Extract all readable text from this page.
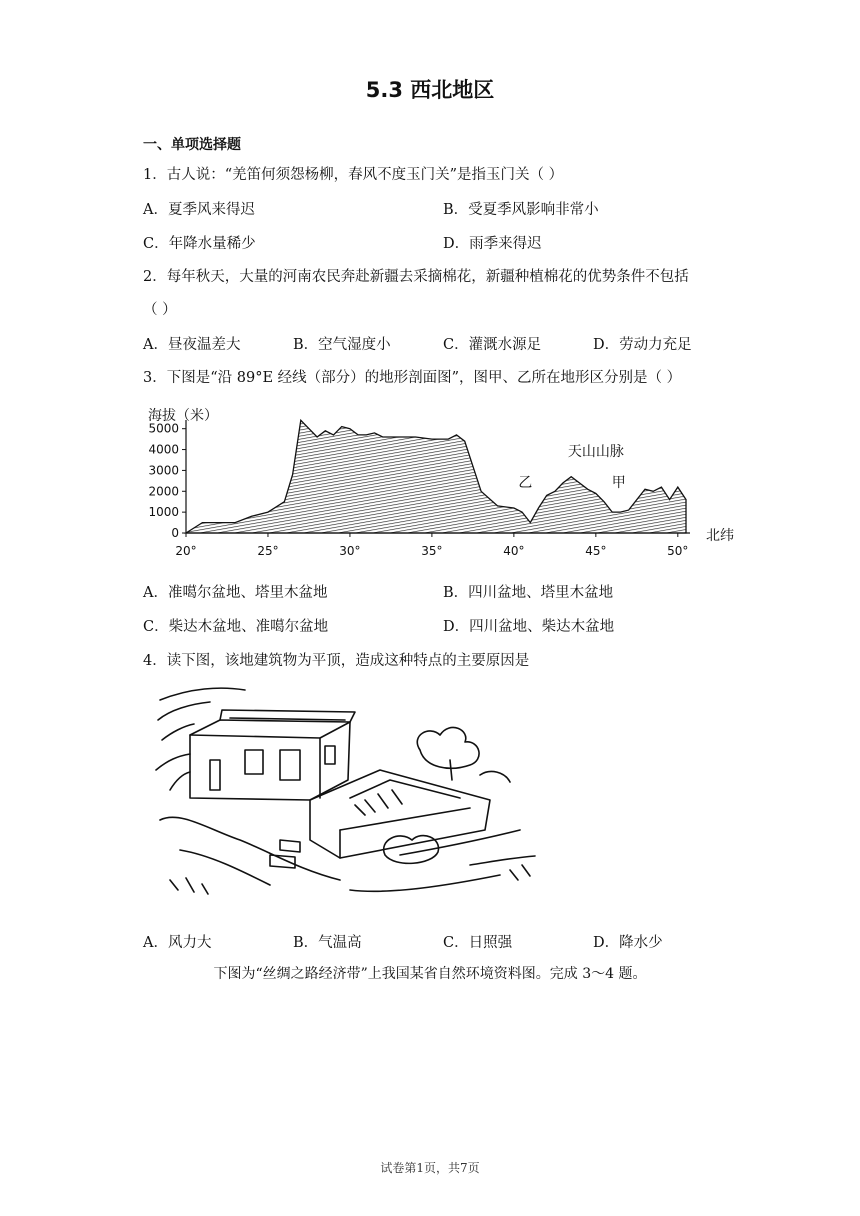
5.3 西北地区
一、单项选择题
1．古人说：“羌笛何须怨杨柳，春风不度玉门关”是指玉门关（ ）
A．夏季风来得迟	B．受夏季风影响非常小
C．年降水量稀少	D．雨季来得迟
2．每年秋天，大量的河南农民奔赴新疆去采摘棉花，新疆种植棉花的优势条件不包括
（ ）
A．昼夜温差大	B．空气湿度小	C．灌溉水源足	D．劳动力充足
3．下图是“沿 89°E 经线（部分）的地形剖面图”，图甲、乙所在地形区分别是（ ）
0
1000
2000
3000
4000
5000
20°	25°	30°	35°	40°	45°	50°
海拔（米）
北纬
天山山脉
乙	甲
A．准噶尔盆地、塔里木盆地	B．四川盆地、塔里木盆地
C．柴达木盆地、准噶尔盆地	D．四川盆地、柴达木盆地
4．读下图，该地建筑物为平顶，造成这种特点的主要原因是
A．风力大	B．气温高	C．日照强	D．降水少
下图为“丝绸之路经济带”上我国某省自然环境资料图。完成 3～4 题。
试卷第1页，共7页
